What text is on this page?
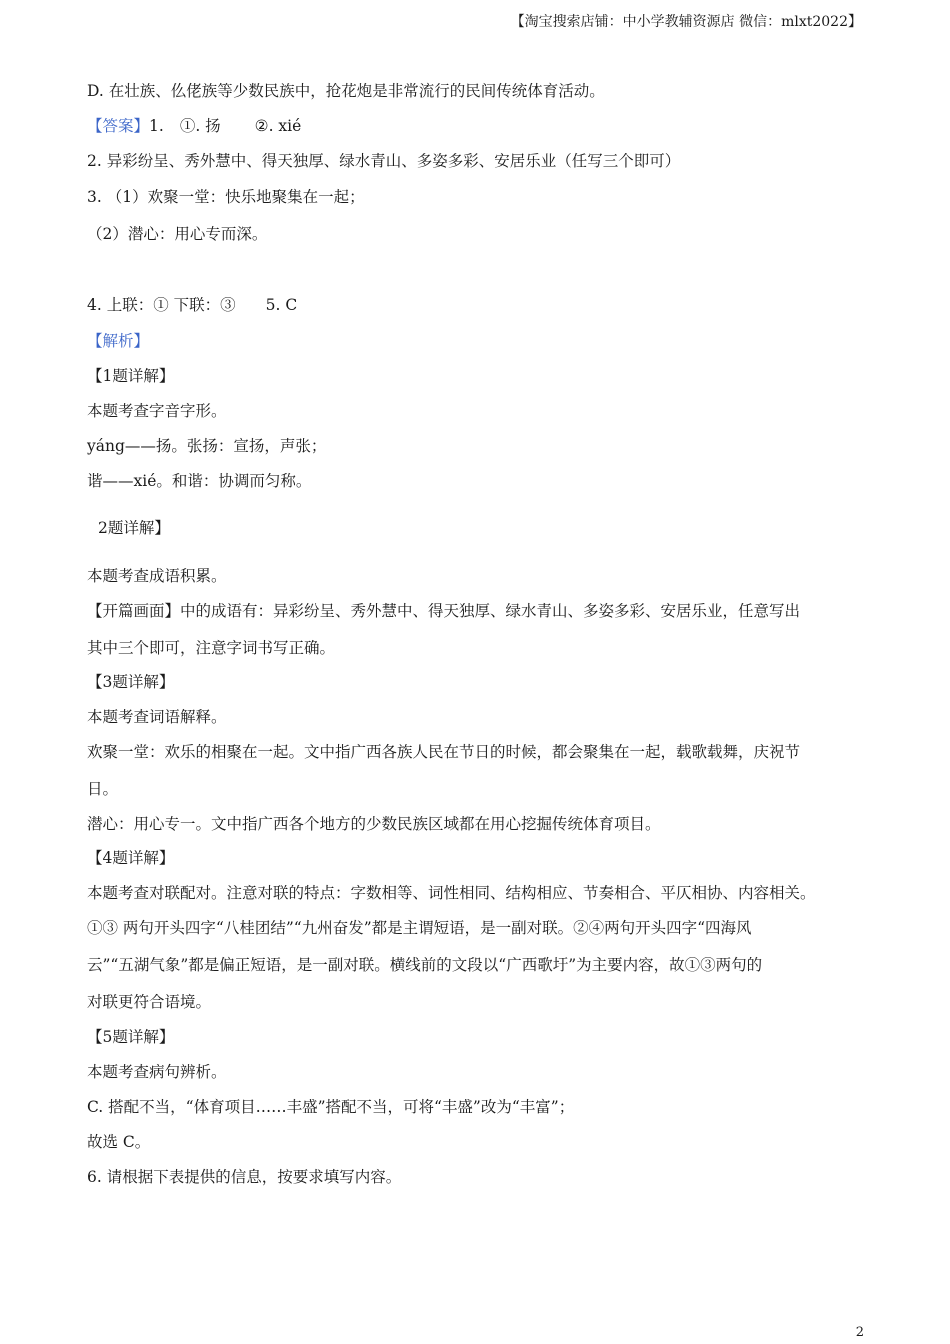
【淘宝搜索店铺：中小学教辅资源店 微信：mlxt2022】
D. 在壮族、仫佬族等少数民族中，抢花炮是非常流行的民间传统体育活动。
【答案】1. ①. 扬 ②. xié
2. 异彩纷呈、秀外慧中、得天独厚、绿水青山、多姿多彩、安居乐业（任写三个即可）
3. （1）欢聚一堂：快乐地聚集在一起；
（2）潜心：用心专而深。
4. 上联：① 下联：③ 5. C
【解析】
【1题详解】
本题考查字音字形。
yáng——扬。张扬：宣扬，声张；
谐——xié。和谐：协调而匀称。
2题详解】
本题考查成语积累。
【开篇画面】中的成语有：异彩纷呈、秀外慧中、得天独厚、绿水青山、多姿多彩、安居乐业，任意写出
其中三个即可，注意字词书写正确。
【3题详解】
本题考查词语解释。
欢聚一堂：欢乐的相聚在一起。文中指广西各族人民在节日的时候，都会聚集在一起，载歌载舞，庆祝节
日。
潜心：用心专一。文中指广西各个地方的少数民族区域都在用心挖掘传统体育项目。
【4题详解】
本题考查对联配对。注意对联的特点：字数相等、词性相同、结构相应、节奏相合、平仄相协、内容相关。
①③ 两句开头四字“八桂团结”“九州奋发”都是主谓短语，是一副对联。②④两句开头四字“四海风
云”“五湖气象”都是偏正短语，是一副对联。横线前的文段以“广西歌圩”为主要内容，故①③两句的
对联更符合语境。
【5题详解】
本题考查病句辨析。
C. 搭配不当，“体育项目……丰盛”搭配不当，可将“丰盛”改为“丰富”；
故选 C。
6. 请根据下表提供的信息，按要求填写内容。
2
